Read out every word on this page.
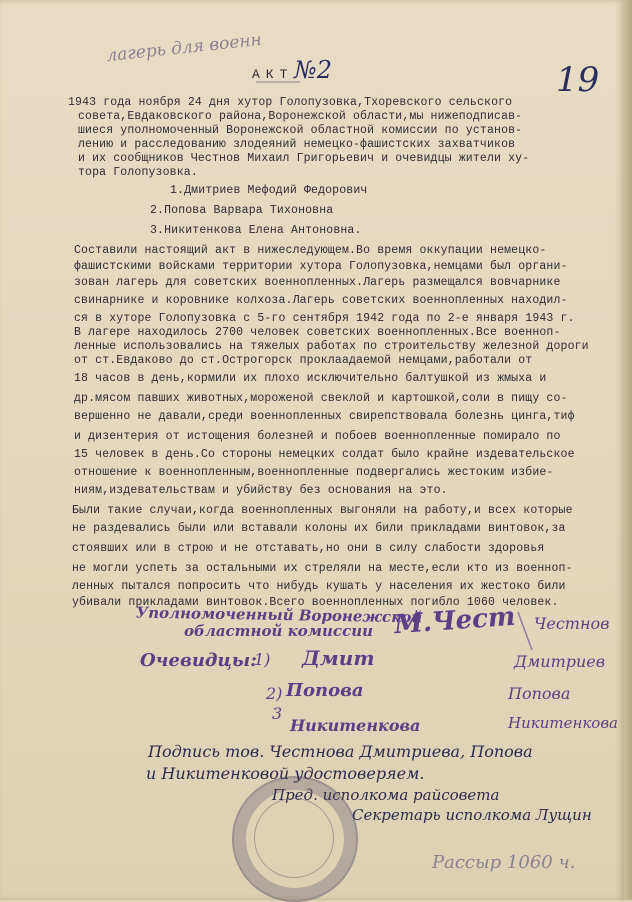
лагерь для военн
АКТ №2	19
1943 года ноября 24 дня хутор Голопузовка,Тхоревского сельского
совета,Евдаковского района,Воронежской области,мы нижеподписав-
шиеся уполномоченный Воронежской областной комиссии по установ-
лению и расследованию злодеяний немецко-фашистских захватчиков
и их сообщников Честнов Михаил Григорьевич и очевидцы жители ху-
тора Голопузовка.
1.Дмитриев Мефодий Федорович
2.Попова Варвара Тихоновна
3.Никитенкова Елена Антоновна.
Составили настоящий акт в нижеследующем.Во время оккупации немецко-
фашистскими войсками территории хутора Голопузовка,немцами был органи-
зован лагерь для советских военнопленных.Лагерь размещался вовчарнике
свинарнике и коровнике колхоза.Лагерь советских военнопленных находил-
ся в хуторе Голопузовка с 5-го сентября 1942 года по 2-е января 1943 г.
В лагере находилось 2700 человек советских военнопленных.Все военноп-
ленные использовались на тяжелых работах по строительству железной дороги
от ст.Евдаково до ст.Острогорск проклаадаемой немцами,работали от
18 часов в день,кормили их плохо исключительно балтушкой из жмыха и
др.мясом павших животных,мороженой свеклой и картошкой,соли в пищу со-
вершенно не давали,среди военнопленных свирепствовала болезнь цинга,тиф
и дизентерия от истощения болезней и побоев военнопленные помирало по
15 человек в день.Со стороны немецких солдат было крайне издевательское
отношение к военнопленным,военнопленные подвергались жестоким избие-
ниям,издевательствам и убийству без основания на это.
Были такие случаи,когда военнопленных выгоняли на работу,и всех которые
не раздевались были или вставали колоны их били прикладами винтовок,за
стоявших или в строю и не отставать,но они в силу слабости здоровья
не могли успеть за остальными их стреляли на месте,если кто из военноп-
ленных пытался попросить что нибудь кушать у населения их жестоко били
убивали прикладами винтовок.Всего военнопленных погибло 1060 человек.
Уполномоченный Воронежской
областной комиссии М.Чест Честнов
Очевидцы:
1) Дмит	Дмитриев
2) Попова	Попова
3
Никитенкова	Никитенкова
Подпись тов. Честнова Дмитриева, Попова
и Никитенковой удостоверяем.
Пред. исполкома райсовета
Секретарь исполкома Лущин
Рассыр 1060 ч.
